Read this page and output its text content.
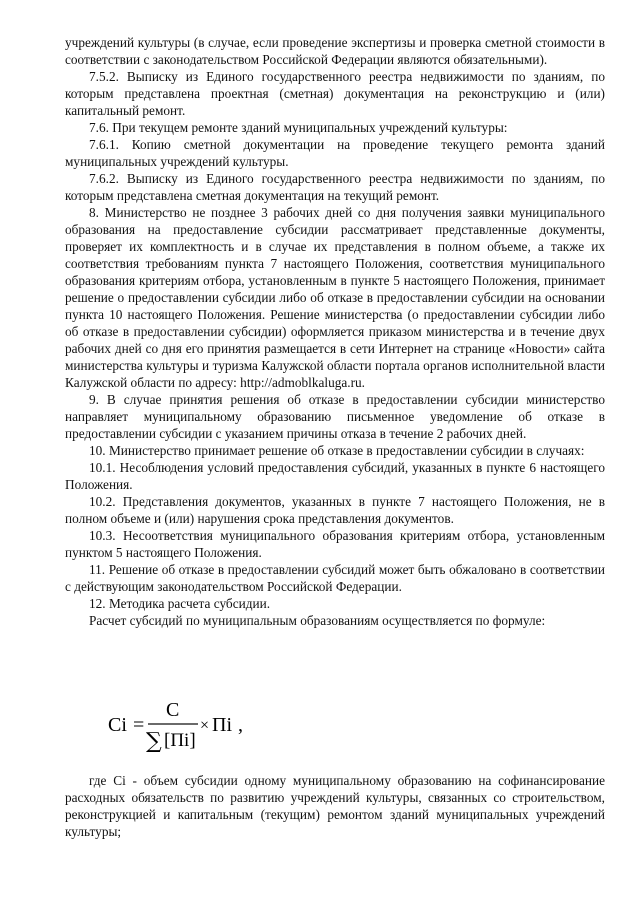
учреждений культуры (в случае, если проведение экспертизы и проверка сметной стоимости в соответствии с законодательством Российской Федерации являются обязательными).

7.5.2. Выписку из Единого государственного реестра недвижимости по зданиям, по которым представлена проектная (сметная) документация на реконструкцию и (или) капитальный ремонт.

7.6. При текущем ремонте зданий муниципальных учреждений культуры:

7.6.1. Копию сметной документации на проведение текущего ремонта зданий муниципальных учреждений культуры.

7.6.2. Выписку из Единого государственного реестра недвижимости по зданиям, по которым представлена сметная документация на текущий ремонт.

8. Министерство не позднее 3 рабочих дней со дня получения заявки муниципального образования на предоставление субсидии рассматривает представленные документы, проверяет их комплектность и в случае их представления в полном объеме, а также их соответствия требованиям пункта 7 настоящего Положения, соответствия муниципального образования критериям отбора, установленным в пункте 5 настоящего Положения, принимает решение о предоставлении субсидии либо об отказе в предоставлении субсидии на основании пункта 10 настоящего Положения. Решение министерства (о предоставлении субсидии либо об отказе в предоставлении субсидии) оформляется приказом министерства и в течение двух рабочих дней со дня его принятия размещается в сети Интернет на странице «Новости» сайта министерства культуры и туризма Калужской области портала органов исполнительной власти Калужской области по адресу: http://admoblkaluga.ru.

9. В случае принятия решения об отказе в предоставлении субсидии министерство направляет муниципальному образованию письменное уведомление об отказе в предоставлении субсидии с указанием причины отказа в течение 2 рабочих дней.

10. Министерство принимает решение об отказе в предоставлении субсидии в случаях:

10.1. Несоблюдения условий предоставления субсидий, указанных в пункте 6 настоящего Положения.

10.2. Представления документов, указанных в пункте 7 настоящего Положения, не в полном объеме и (или) нарушения срока представления документов.

10.3. Несоответствия муниципального образования критериям отбора, установленным пунктом 5 настоящего Положения.

11. Решение об отказе в предоставлении субсидий может быть обжаловано в соответствии с действующим законодательством Российской Федерации.

12. Методика расчета субсидии.

Расчет субсидий по муниципальным образованиям осуществляется по формуле:

Ci =
C
∑ [Пi]
× Пi ,

где Ci - объем субсидии одному муниципальному образованию на софинансирование расходных обязательств по развитию учреждений культуры, связанных со строительством, реконструкцией и капитальным (текущим) ремонтом зданий муниципальных учреждений культуры;
